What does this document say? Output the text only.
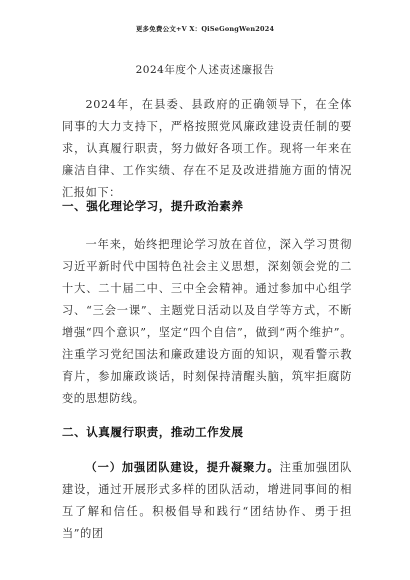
更多免费公文+V X：QiSeGongWen2024
2024年度个人述责述廉报告
2024年，在县委、县政府的正确领导下，在全体同事的大力支持下，严格按照党风廉政建设责任制的要求，认真履行职责，努力做好各项工作。现将一年来在廉洁自律、工作实绩、存在不足及改进措施方面的情况汇报如下：
一、强化理论学习，提升政治素养
一年来，始终把理论学习放在首位，深入学习贯彻习近平新时代中国特色社会主义思想，深刻领会党的二十大、二十届二中、三中全会精神。通过参加中心组学习、“三会一课”、主题党日活动以及自学等方式，不断增强“四个意识”，坚定“四个自信”，做到“两个维护”。注重学习党纪国法和廉政建设方面的知识，观看警示教育片，参加廉政谈话，时刻保持清醒头脑，筑牢拒腐防变的思想防线。
二、认真履行职责，推动工作发展
（一）加强团队建设，提升凝聚力。注重加强团队建设，通过开展形式多样的团队活动，增进同事间的相互了解和信任。积极倡导和践行“团结协作、勇于担当”的团
